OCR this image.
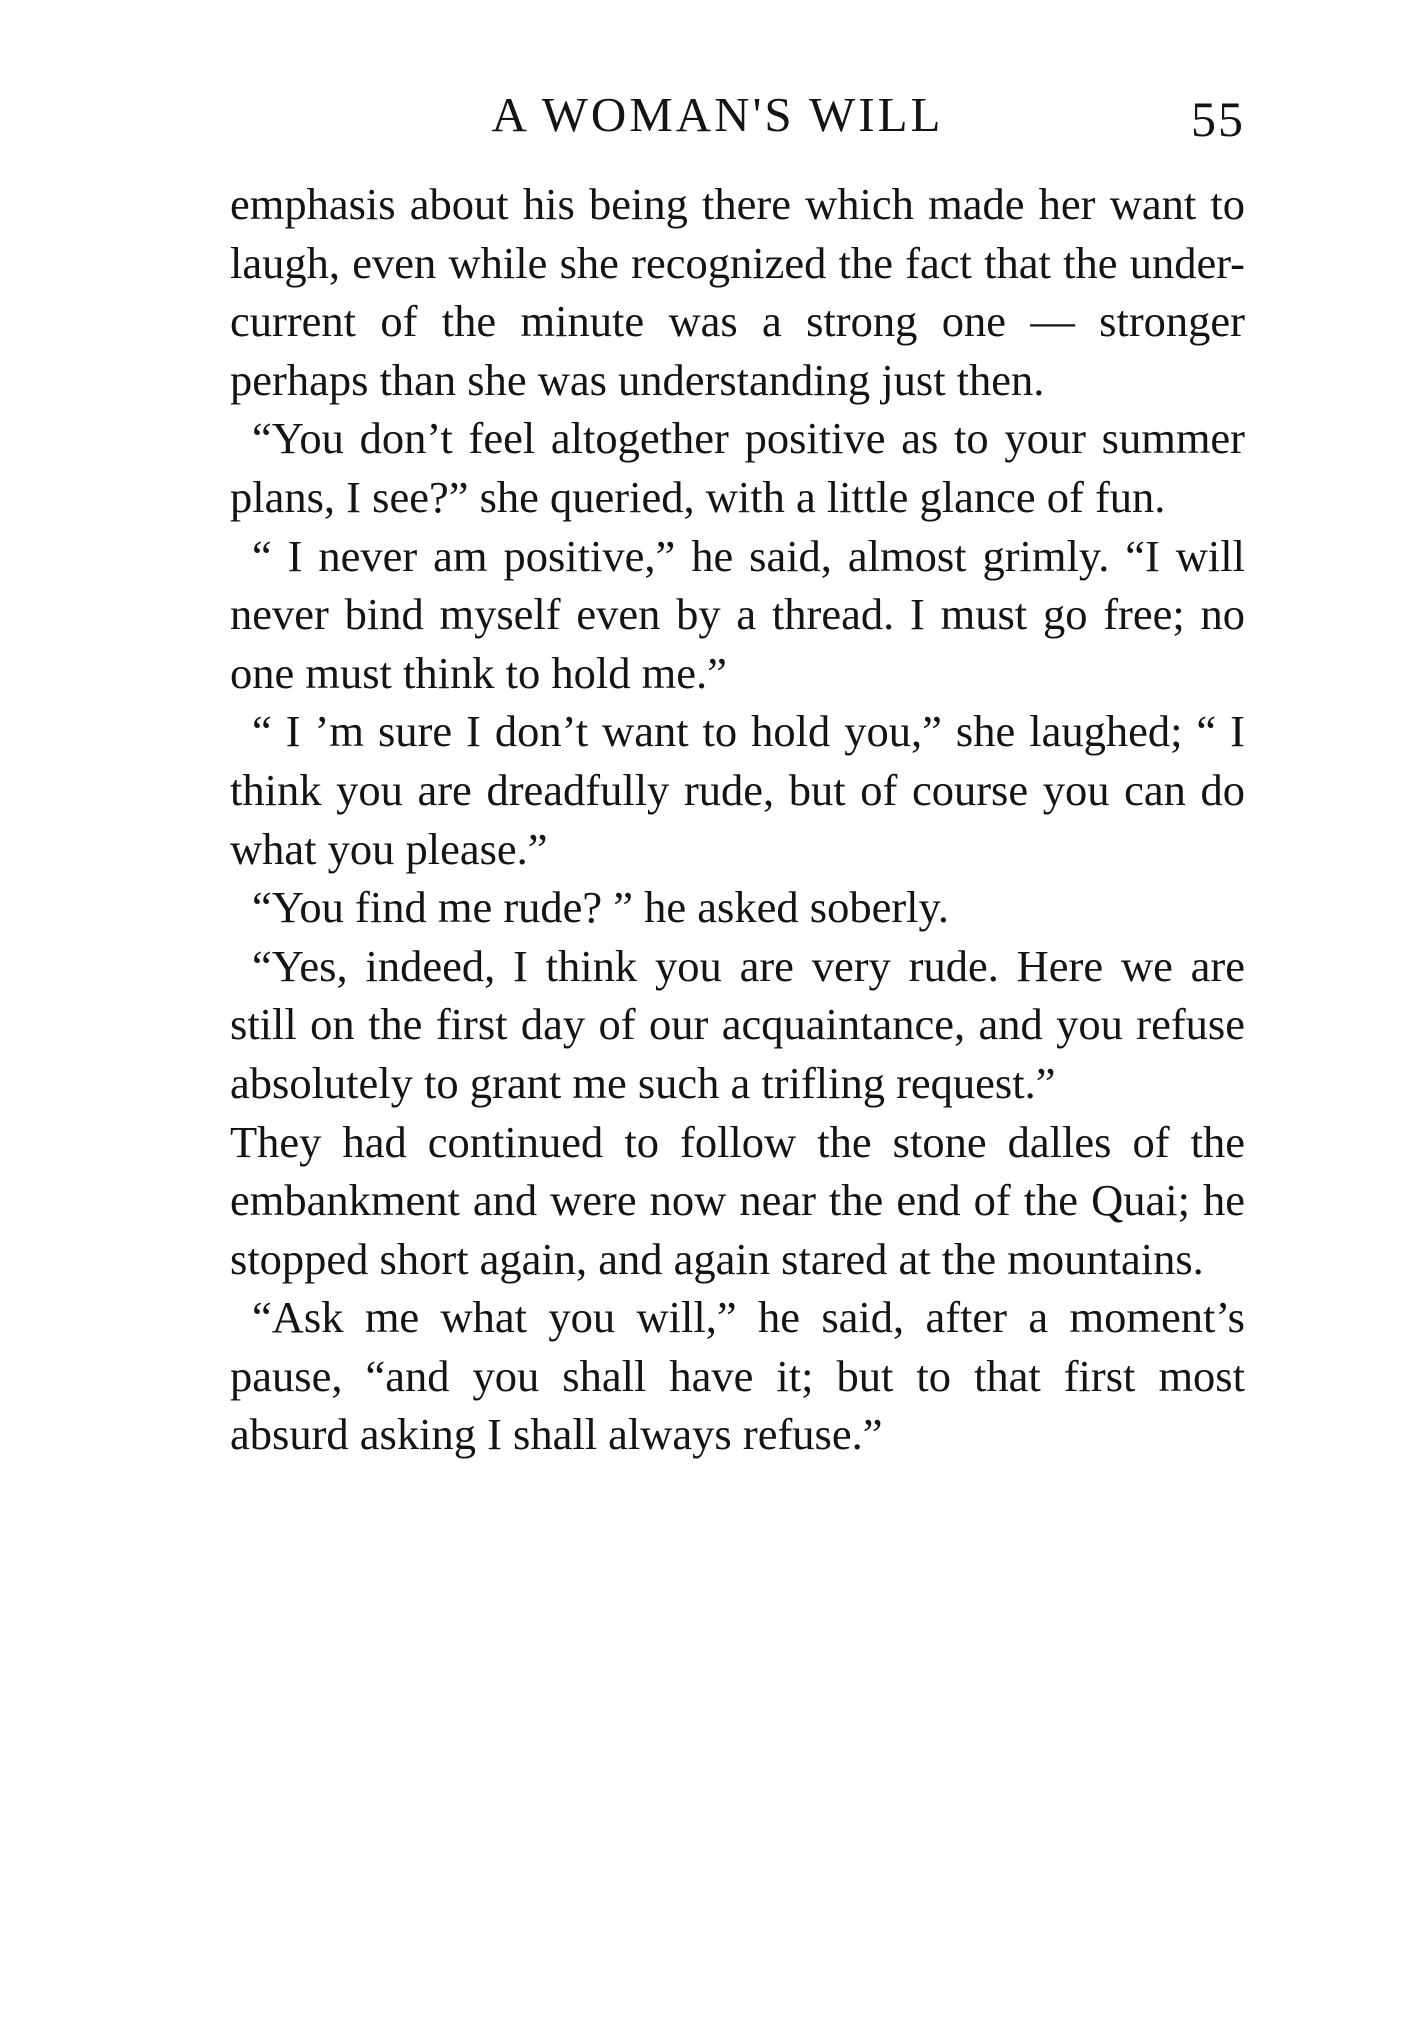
A WOMAN'S WILL	55

emphasis about his being there which made her want to laugh, even while she recognized the fact that the under-current of the minute was a strong one — stronger perhaps than she was understanding just then.

“You don’t feel altogether positive as to your summer plans, I see?” she queried, with a little glance of fun.

“ I never am positive,” he said, almost grimly. “I will never bind myself even by a thread. I must go free; no one must think to hold me.”

“ I ’m sure I don’t want to hold you,” she laughed; “ I think you are dreadfully rude, but of course you can do what you please.”

“You find me rude? ” he asked soberly.

“Yes, indeed, I think you are very rude. Here we are still on the first day of our acquaintance, and you refuse absolutely to grant me such a trifling request.”

They had continued to follow the stone dalles of the embankment and were now near the end of the Quai; he stopped short again, and again stared at the mountains.

“Ask me what you will,” he said, after a moment’s pause, “and you shall have it; but to that first most absurd asking I shall always refuse.”
